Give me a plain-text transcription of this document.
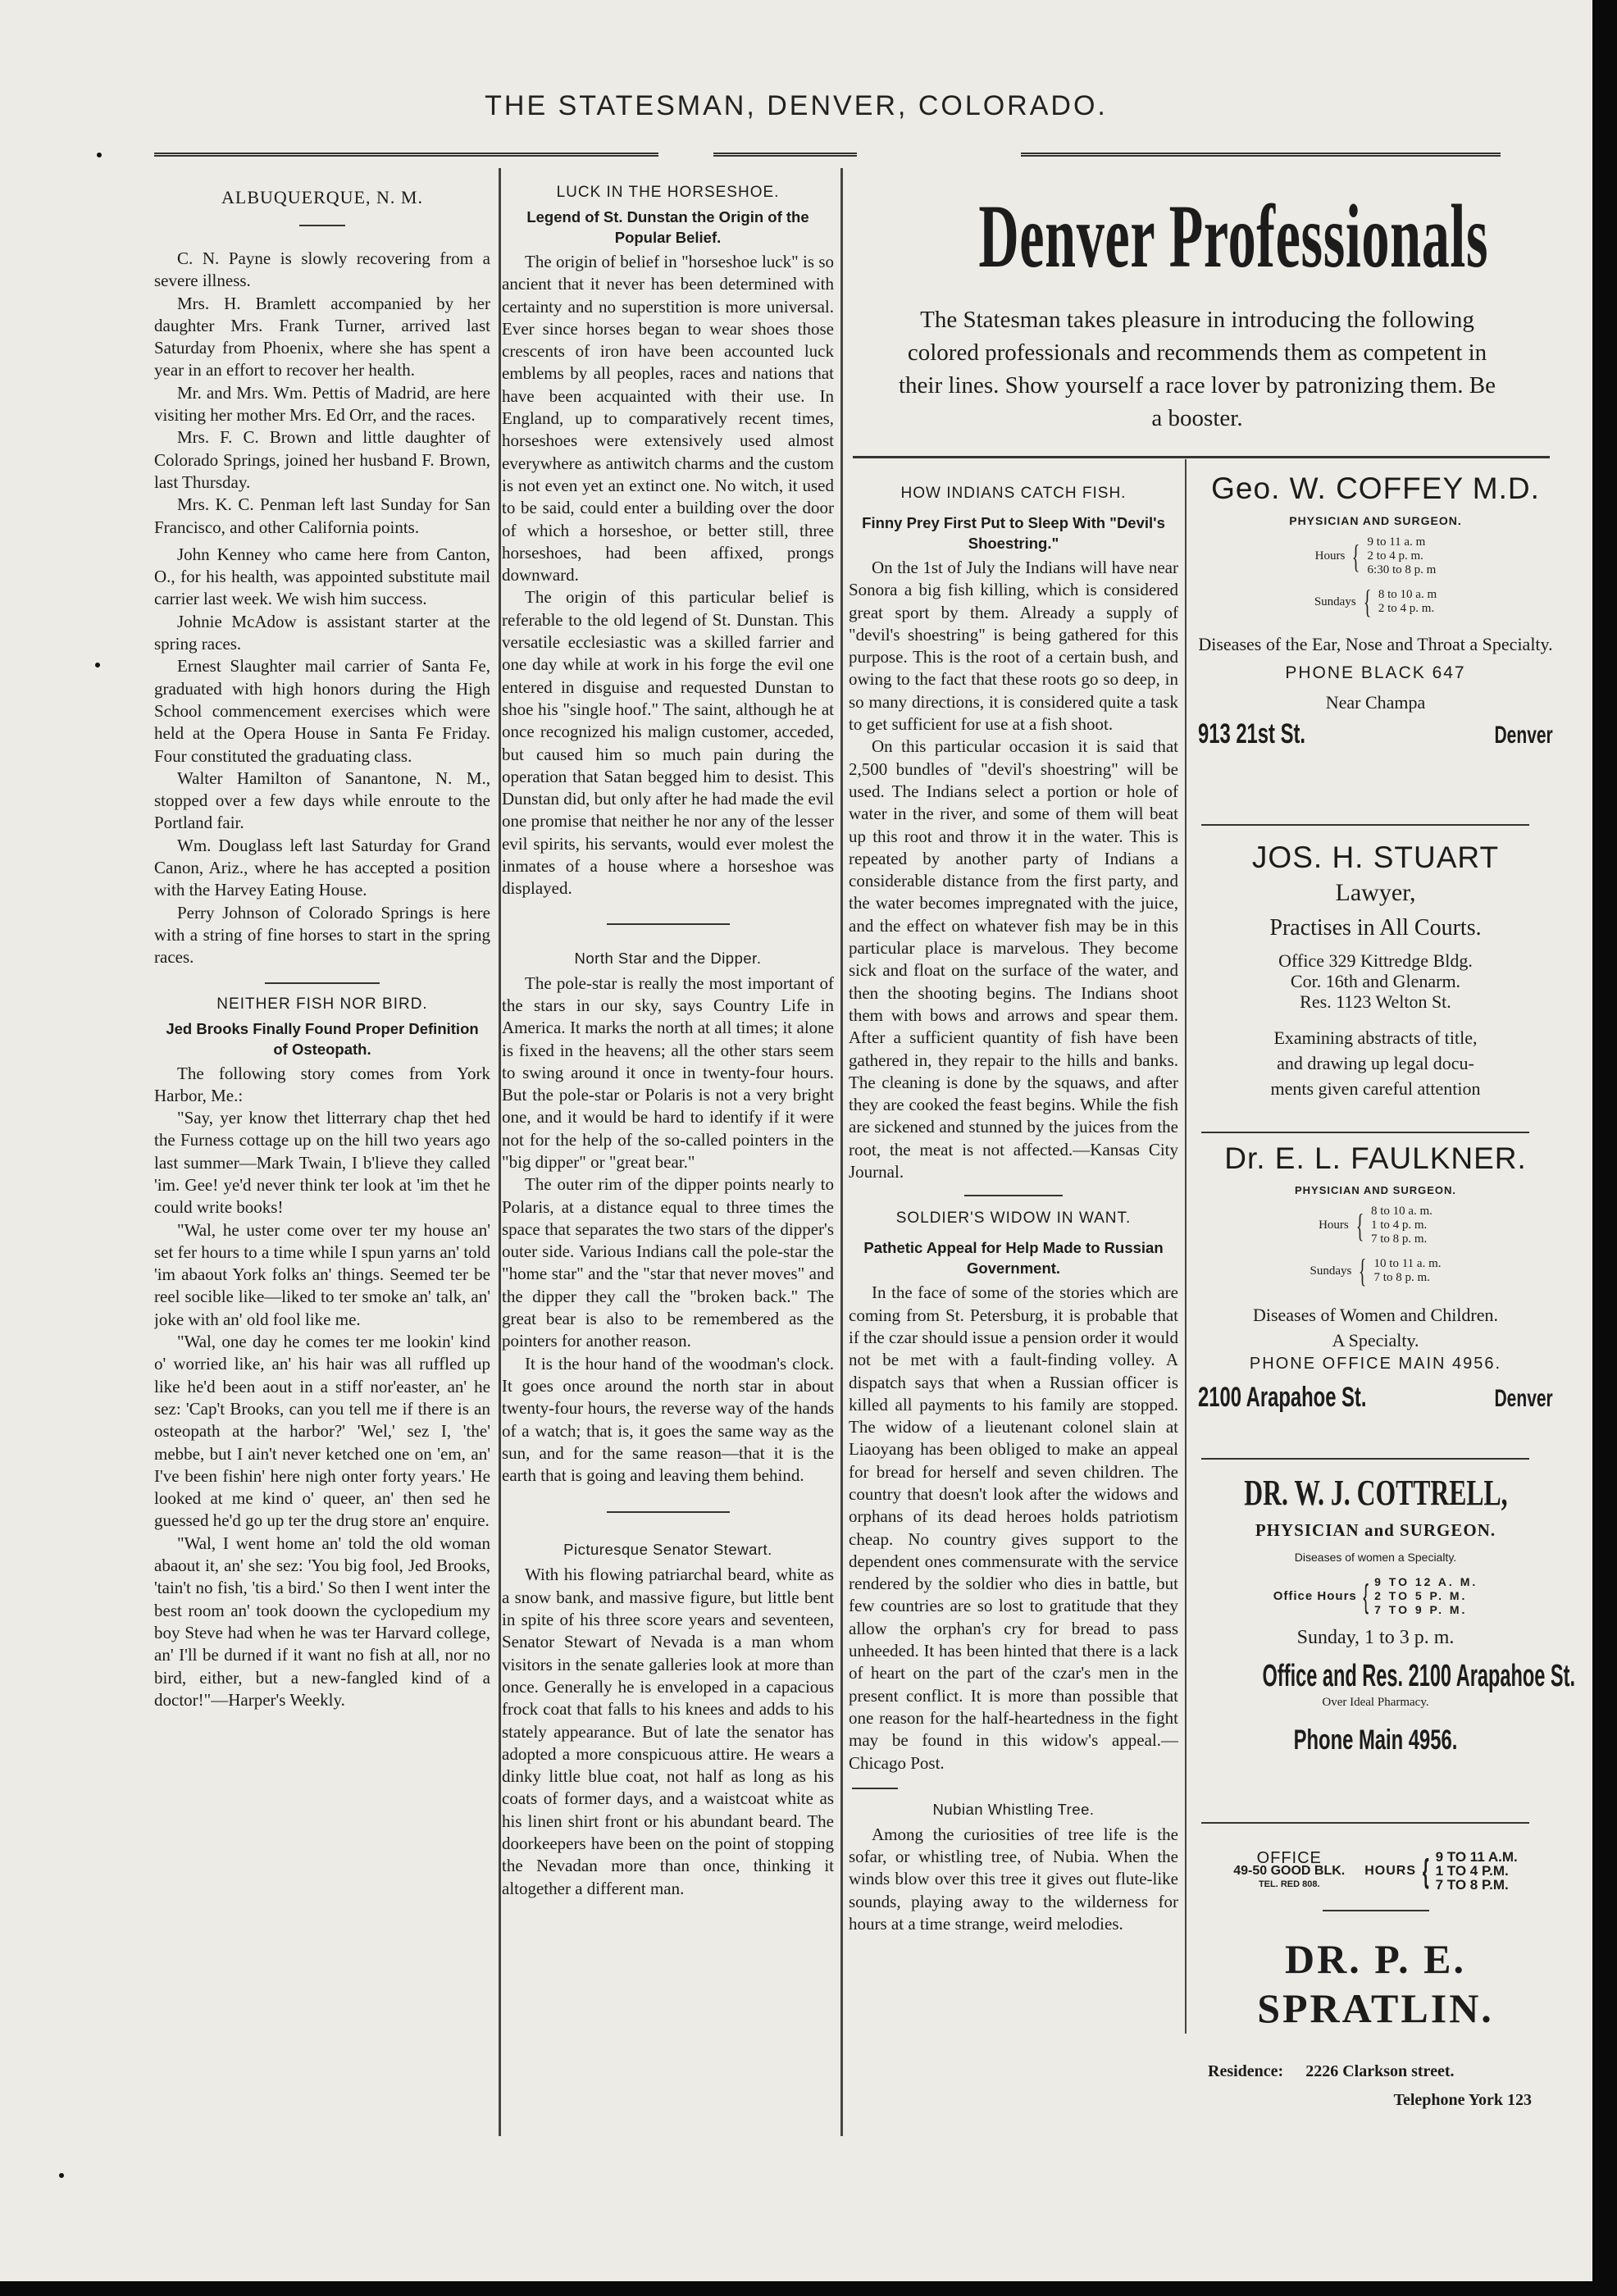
THE STATESMAN, DENVER, COLORADO.
ALBUQUERQUE, N. M.

C. N. Payne is slowly recovering from a severe illness.

Mrs. H. Bramlett accompanied by her daughter Mrs. Frank Turner, arrived last Saturday from Phoenix, where she has spent a year in an effort to recover her health.

Mr. and Mrs. Wm. Pettis of Madrid, are here visiting her mother Mrs. Ed Orr, and the races.

Mrs. F. C. Brown and little daughter of Colorado Springs, joined her husband F. Brown, last Thursday.

Mrs. K. C. Penman left last Sunday for San Francisco, and other California points.

John Kenney who came here from Canton, O., for his health, was appointed substitute mail carrier last week. We wish him success.

Johnie McAdow is assistant starter at the spring races.

Ernest Slaughter mail carrier of Santa Fe, graduated with high honors during the High School commencement exercises which were held at the Opera House in Santa Fe Friday. Four constituted the graduating class.

Walter Hamilton of Sanantone, N. M., stopped over a few days while enroute to the Portland fair.

Wm. Douglass left last Saturday for Grand Canon, Ariz., where he has accepted a position with the Harvey Eating House.

Perry Johnson of Colorado Springs is here with a string of fine horses to start in the spring races.

NEITHER FISH NOR BIRD.
Jed Brooks Finally Found Proper Definition of Osteopath.

The following story comes from York Harbor, Me.:

"Say, yer know thet litterrary chap thet hed the Furness cottage up on the hill two years ago last summer—Mark Twain, I b'lieve they called 'im. Gee! ye'd never think ter look at 'im thet he could write books!

"Wal, he uster come over ter my house an' set fer hours to a time while I spun yarns an' told 'im abaout York folks an' things. Seemed ter be reel socible like—liked to ter smoke an' talk, an' joke with an' old fool like me.

"Wal, one day he comes ter me lookin' kind o' worried like, an' his hair was all ruffled up like he'd been aout in a stiff nor'easter, an' he sez: 'Cap't Brooks, can you tell me if there is an osteopath at the harbor?' 'Wel,' sez I, 'the' mebbe, but I ain't never ketched one on 'em, an' I've been fishin' here nigh onter forty years.' He looked at me kind o' queer, an' then sed he guessed he'd go up ter the drug store an' enquire.

"Wal, I went home an' told the old woman abaout it, an' she sez: 'You big fool, Jed Brooks, 'tain't no fish, 'tis a bird.' So then I went inter the best room an' took doown the cyclopedium my boy Steve had when he was ter Harvard college, an' I'll be durned if it want no fish at all, nor no bird, either, but a new-fangled kind of a doctor!"—Harper's Weekly.

LUCK IN THE HORSESHOE.
Legend of St. Dunstan the Origin of the Popular Belief.

The origin of belief in "horseshoe luck" is so ancient that it never has been determined with certainty and no superstition is more universal. Ever since horses began to wear shoes those crescents of iron have been accounted luck emblems by all peoples, races and nations that have been acquainted with their use. In England, up to comparatively recent times, horseshoes were extensively used almost everywhere as antiwitch charms and the custom is not even yet an extinct one. No witch, it used to be said, could enter a building over the door of which a horseshoe, or better still, three horseshoes, had been affixed, prongs downward.

The origin of this particular belief is referable to the old legend of St. Dunstan. This versatile ecclesiastic was a skilled farrier and one day while at work in his forge the evil one entered in disguise and requested Dunstan to shoe his "single hoof." The saint, although he at once recognized his malign customer, acceded, but caused him so much pain during the operation that Satan begged him to desist. This Dunstan did, but only after he had made the evil one promise that neither he nor any of the lesser evil spirits, his servants, would ever molest the inmates of a house where a horseshoe was displayed.

North Star and the Dipper.

The pole-star is really the most important of the stars in our sky, says Country Life in America. It marks the north at all times; it alone is fixed in the heavens; all the other stars seem to swing around it once in twenty-four hours. But the pole-star or Polaris is not a very bright one, and it would be hard to identify if it were not for the help of the so-called pointers in the "big dipper" or "great bear."

The outer rim of the dipper points nearly to Polaris, at a distance equal to three times the space that separates the two stars of the dipper's outer side. Various Indians call the pole-star the "home star" and the "star that never moves" and the dipper they call the "broken back." The great bear is also to be remembered as the pointers for another reason.

It is the hour hand of the woodman's clock. It goes once around the north star in about twenty-four hours, the reverse way of the hands of a watch; that is, it goes the same way as the sun, and for the same reason—that it is the earth that is going and leaving them behind.

Picturesque Senator Stewart.

With his flowing patriarchal beard, white as a snow bank, and massive figure, but little bent in spite of his three score years and seventeen, Senator Stewart of Nevada is a man whom visitors in the senate galleries look at more than once. Generally he is enveloped in a capacious frock coat that falls to his knees and adds to his stately appearance. But of late the senator has adopted a more conspicuous attire. He wears a dinky little blue coat, not half as long as his coats of former days, and a waistcoat white as his linen shirt front or his abundant beard. The doorkeepers have been on the point of stopping the Nevadan more than once, thinking it altogether a different man.

Denver Professionals
The Statesman takes pleasure in introducing the following colored professionals and recommends them as competent in their lines. Show yourself a race lover by patronizing them. Be a booster.
HOW INDIANS CATCH FISH.
Finny Prey First Put to Sleep With "Devil's Shoestring."

On the 1st of July the Indians will have near Sonora a big fish killing, which is considered great sport by them. Already a supply of "devil's shoestring" is being gathered for this purpose. This is the root of a certain bush, and owing to the fact that these roots go so deep, in so many directions, it is considered quite a task to get sufficient for use at a fish shoot.

On this particular occasion it is said that 2,500 bundles of "devil's shoestring" will be used. The Indians select a portion or hole of water in the river, and some of them will beat up this root and throw it in the water. This is repeated by another party of Indians a considerable distance from the first party, and the water becomes impregnated with the juice, and the effect on whatever fish may be in this particular place is marvelous. They become sick and float on the surface of the water, and then the shooting begins. The Indians shoot them with bows and arrows and spear them. After a sufficient quantity of fish have been gathered in, they repair to the hills and banks. The cleaning is done by the squaws, and after they are cooked the feast begins. While the fish are sickened and stunned by the juices from the root, the meat is not affected.—Kansas City Journal.

SOLDIER'S WIDOW IN WANT.
Pathetic Appeal for Help Made to Russian Government.

In the face of some of the stories which are coming from St. Petersburg, it is probable that if the czar should issue a pension order it would not be met with a fault-finding volley. A dispatch says that when a Russian officer is killed all payments to his family are stopped. The widow of a lieutenant colonel slain at Liaoyang has been obliged to make an appeal for bread for herself and seven children. The country that doesn't look after the widows and orphans of its dead heroes holds patriotism cheap. No country gives support to the dependent ones commensurate with the service rendered by the soldier who dies in battle, but few countries are so lost to gratitude that they allow the orphan's cry for bread to pass unheeded. It has been hinted that there is a lack of heart on the part of the czar's men in the present conflict. It is more than possible that one reason for the half-heartedness in the fight may be found in this widow's appeal.—Chicago Post.

Nubian Whistling Tree.

Among the curiosities of tree life is the sofar, or whistling tree, of Nubia. When the winds blow over this tree it gives out flute-like sounds, playing away to the wilderness for hours at a time strange, weird melodies.

Geo. W. COFFEY M.D.
PHYSICIAN AND SURGEON.
Hours { 9 to 11 a. m
2 to 4 p. m.
6:30 to 8 p. m
Sundays { 8 to 10 a. m
2 to 4 p. m.
Diseases of the Ear, Nose and Throat a Specialty.
PHONE BLACK 647
Near Champa
913 21st St.	Denver
JOS. H. STUART
Lawyer,
Practises in All Courts.
Office 329 Kittredge Bldg.
Cor. 16th and Glenarm.
Res. 1123 Welton St.
Examining abstracts of title,
and drawing up legal docu-
ments given careful attention
Dr. E. L. FAULKNER.
PHYSICIAN AND SURGEON.
Hours { 8 to 10 a. m.
1 to 4 p. m.
7 to 8 p. m.
Sundays { 10 to 11 a. m.
7 to 8 p. m.
Diseases of Women and Children.
A Specialty.
PHONE OFFICE MAIN 4956.
2100 Arapahoe St.	Denver
DR. W. J. COTTRELL,
PHYSICIAN and SURGEON.
Diseases of women a Specialty.
Office Hours { 9 TO 12 A. M.
2 TO 5 P. M.
7 TO 9 P. M.
Sunday, 1 to 3 p. m.
Office and Res. 2100 Arapahoe St.
Over Ideal Pharmacy.
Phone Main 4956.
OFFICE
49-50 GOOD BLK.
TEL. RED 808.
HOURS { 9 TO 11 A.M.
1 TO 4 P.M.
7 TO 8 P.M.
DR. P. E.
SPRATLIN.
Residence: 2226 Clarkson street.
Telephone York 123
